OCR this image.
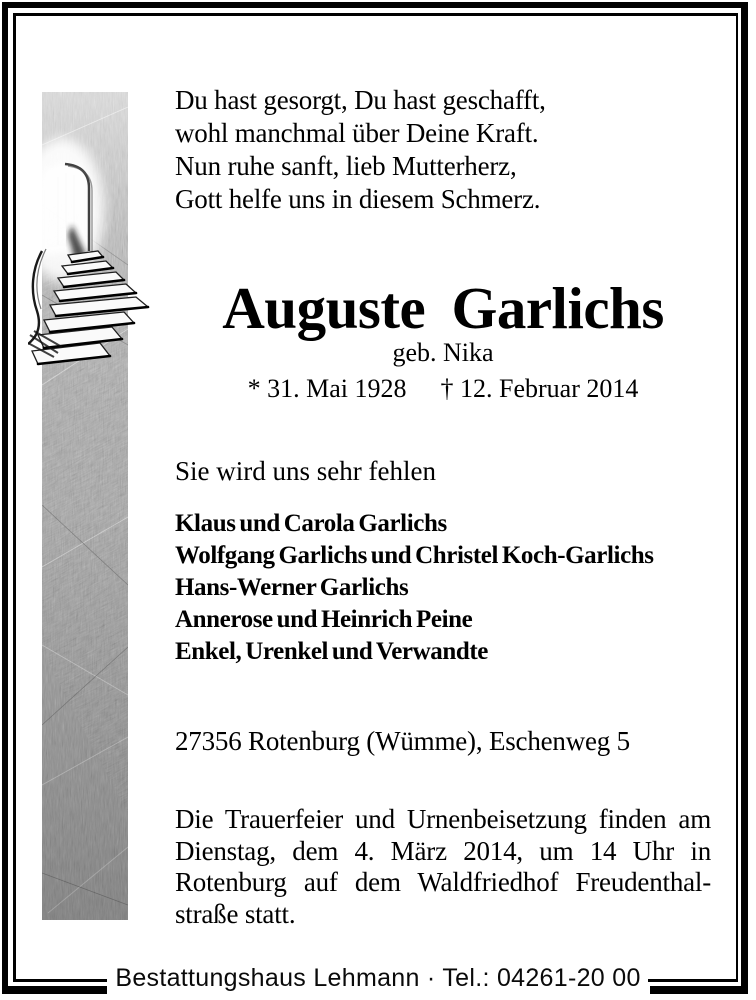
Du hast gesorgt, Du hast geschafft,
wohl manchmal über Deine Kraft.
Nun ruhe sanft, lieb Mutterherz,
Gott helfe uns in diesem Schmerz.
Auguste Garlichs
geb. Nika
* 31. Mai 1928 † 12. Februar 2014
Sie wird uns sehr fehlen
Klaus und Carola Garlichs
Wolfgang Garlichs und Christel Koch-Garlichs
Hans-Werner Garlichs
Annerose und Heinrich Peine
Enkel, Urenkel und Verwandte
27356 Rotenburg (Wümme), Eschenweg 5
Die Trauerfeier und Urnenbeisetzung finden am
Dienstag, dem 4. März 2014, um 14 Uhr in
Rotenburg auf dem Waldfriedhof Freudenthal-
straße statt.
Bestattungshaus Lehmann · Tel.: 04261-20 00
